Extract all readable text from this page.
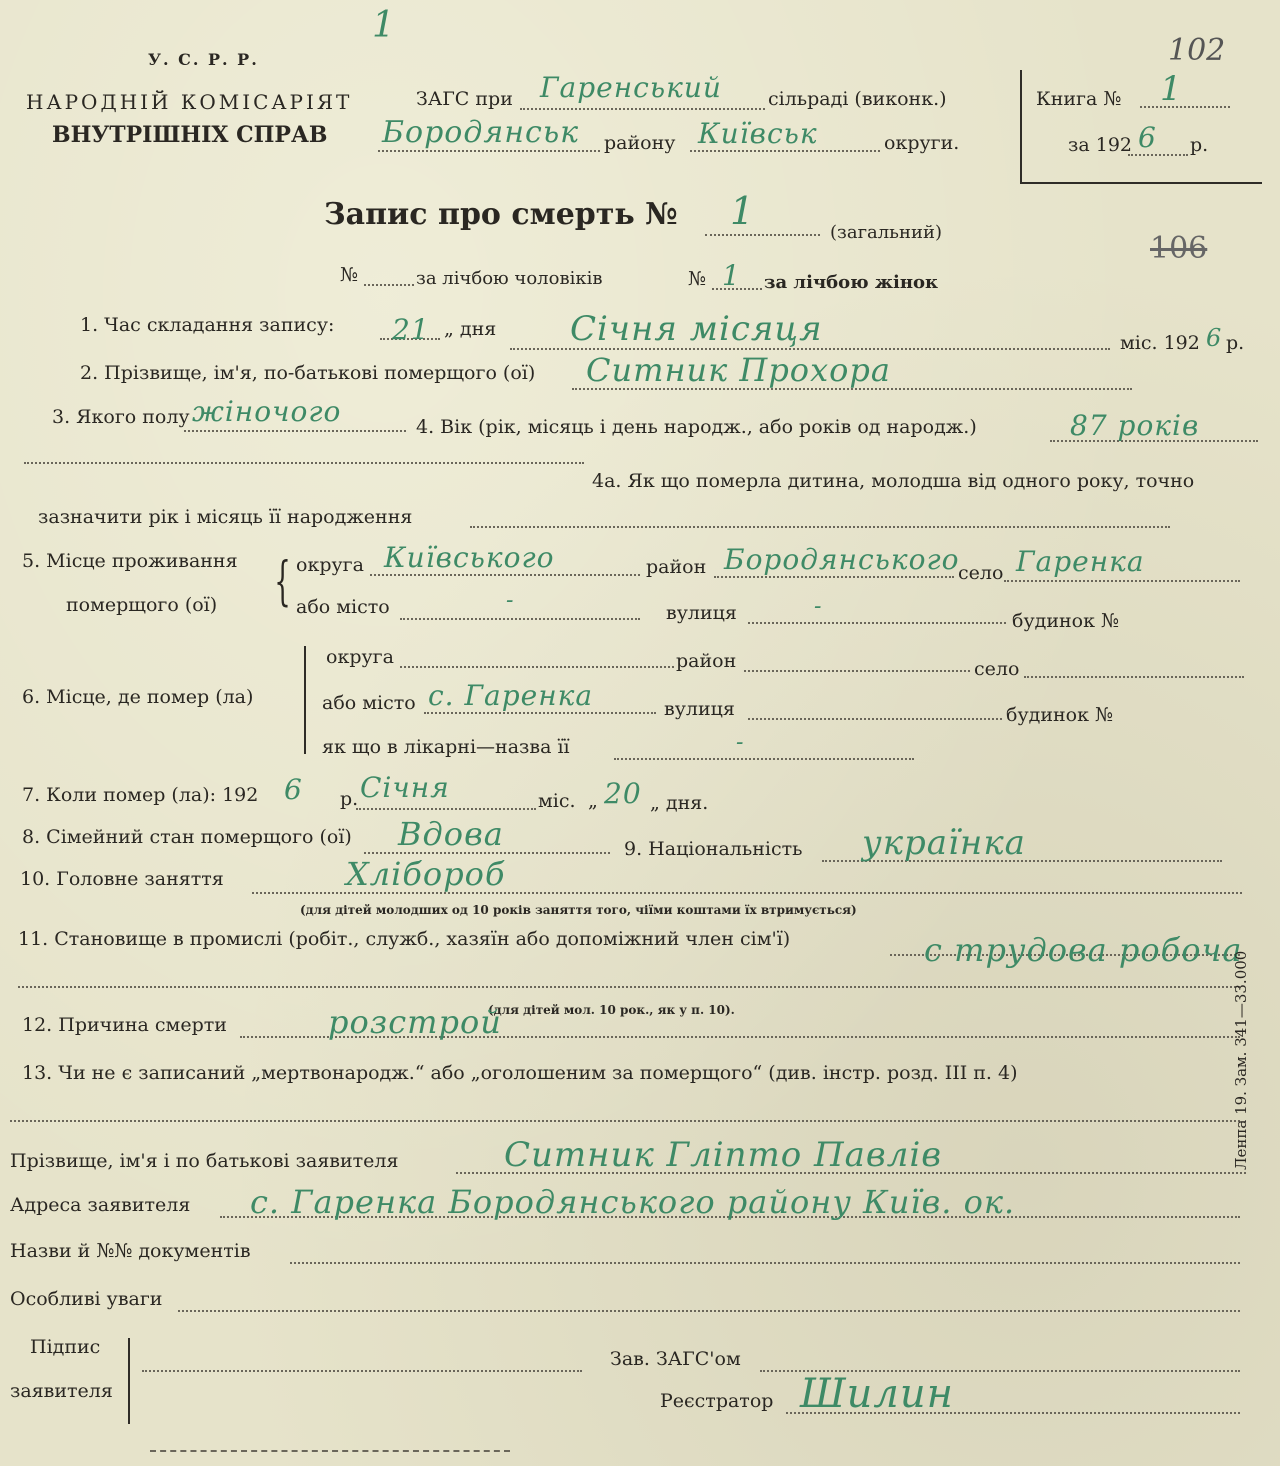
У. С. Р. Р.
НАРОДНІЙ КОМІСАРІЯТ
ВНУТРІШНІХ СПРАВ
1
102
ЗАГС при Гаренський сільраді (виконк.)
Бородянськ району Київськ	округи.
Книга № 1
за 192 6 р.
Запис про смерть № 1	(загальний)	106
№	за лічбою чоловіків	№ 1 за лічбою жінок
1. Час складання запису: 21 „ дня Січня місяця	міс. 192 6 р.
2. Прізвище, ім'я, по-батькові померщого (ої) Ситник Прохора
3. Якого полу жіночого	4. Вік (рік, місяць і день народж., або років од народж.)	87 років
4а. Як що померла дитина, молодша від одного року, точно
зазначити рік і місяць її народження
5. Місце проживання
померщого (ої) { округа Київського	район Бородянського
село Гаренка
або місто	-	вулиця	-
будинок №
6. Місце, де помер (ла)
округа	район	село
або місто с. Гаренка	вулиця	будинок №
як що в лікарні—назва її	-
7. Коли помер (ла): 192 6 р. Січня	міс. „ 20 „ дня.
8. Сімейний стан померщого (ої) Вдова	9. Національність українка
10. Головне заняття	Хлібороб
(для дітей молодших од 10 років заняття того, чіїми коштами їх втримується)
11. Становище в промислі (робіт., служб., хазяїн або допоміжний член сім'ї)	с трудова робоча
(для дітей мол. 10 рок., як у п. 10).
12. Причина смерти	розстрой
13. Чи не є записаний „мертвонародж.“ або „оголошеним за померщого“ (див. інстр. розд. III п. 4)
Прізвище, ім'я і по батькові заявителя	Ситник Гліпто Павлів
Адреса заявителя с. Гаренка Бородянського району Київ. ок.
Назви й №№ документів
Особливі уваги
Підпис
заявителя
Зав. ЗАГС'ом
Реєстратор Шилин
Ленпа 19. Зам. 341—33.000
